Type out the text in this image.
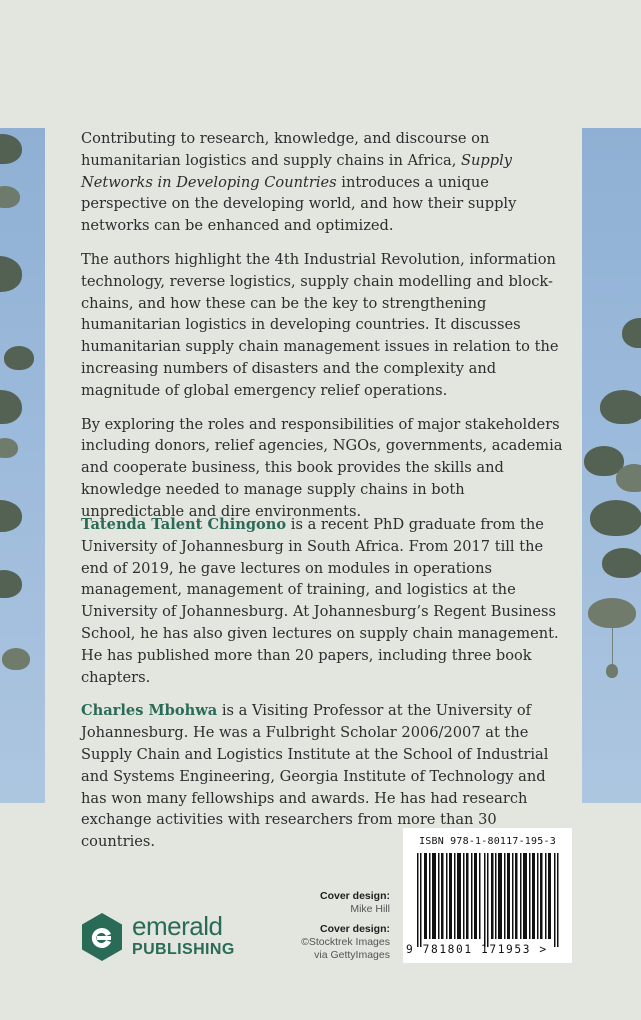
Contributing to research, knowledge, and discourse on humanitarian logistics and supply chains in Africa, Supply Networks in Developing Countries introduces a unique perspective on the developing world, and how their supply networks can be enhanced and optimized.

The authors highlight the 4th Industrial Revolution, information technology, reverse logistics, supply chain modelling and block-chains, and how these can be the key to strengthening humanitarian logistics in developing countries. It discusses humanitarian supply chain management issues in relation to the increasing numbers of disasters and the complexity and magnitude of global emergency relief operations.

By exploring the roles and responsibilities of major stakeholders including donors, relief agencies, NGOs, governments, academia and cooperate business, this book provides the skills and knowledge needed to manage supply chains in both unpredictable and dire environments.

Tatenda Talent Chingono is a recent PhD graduate from the University of Johannesburg in South Africa. From 2017 till the end of 2019, he gave lectures on modules in operations management, management of training, and logistics at the University of Johannesburg. At Johannesburg’s Regent Business School, he has also given lectures on supply chain management. He has published more than 20 papers, including three book chapters.

Charles Mbohwa is a Visiting Professor at the University of Johannesburg. He was a Fulbright Scholar 2006/2007 at the Supply Chain and Logistics Institute at the School of Industrial and Systems Engineering, Georgia Institute of Technology and has won many fellowships and awards. He has had research exchange activities with researchers from more than 30 countries.

emerald
PUBLISHING
Cover design:
Mike Hill
Cover design:
©Stocktrek Images
via GettyImages
ISBN 978-1-80117-195-3
9 781801 171953 >
